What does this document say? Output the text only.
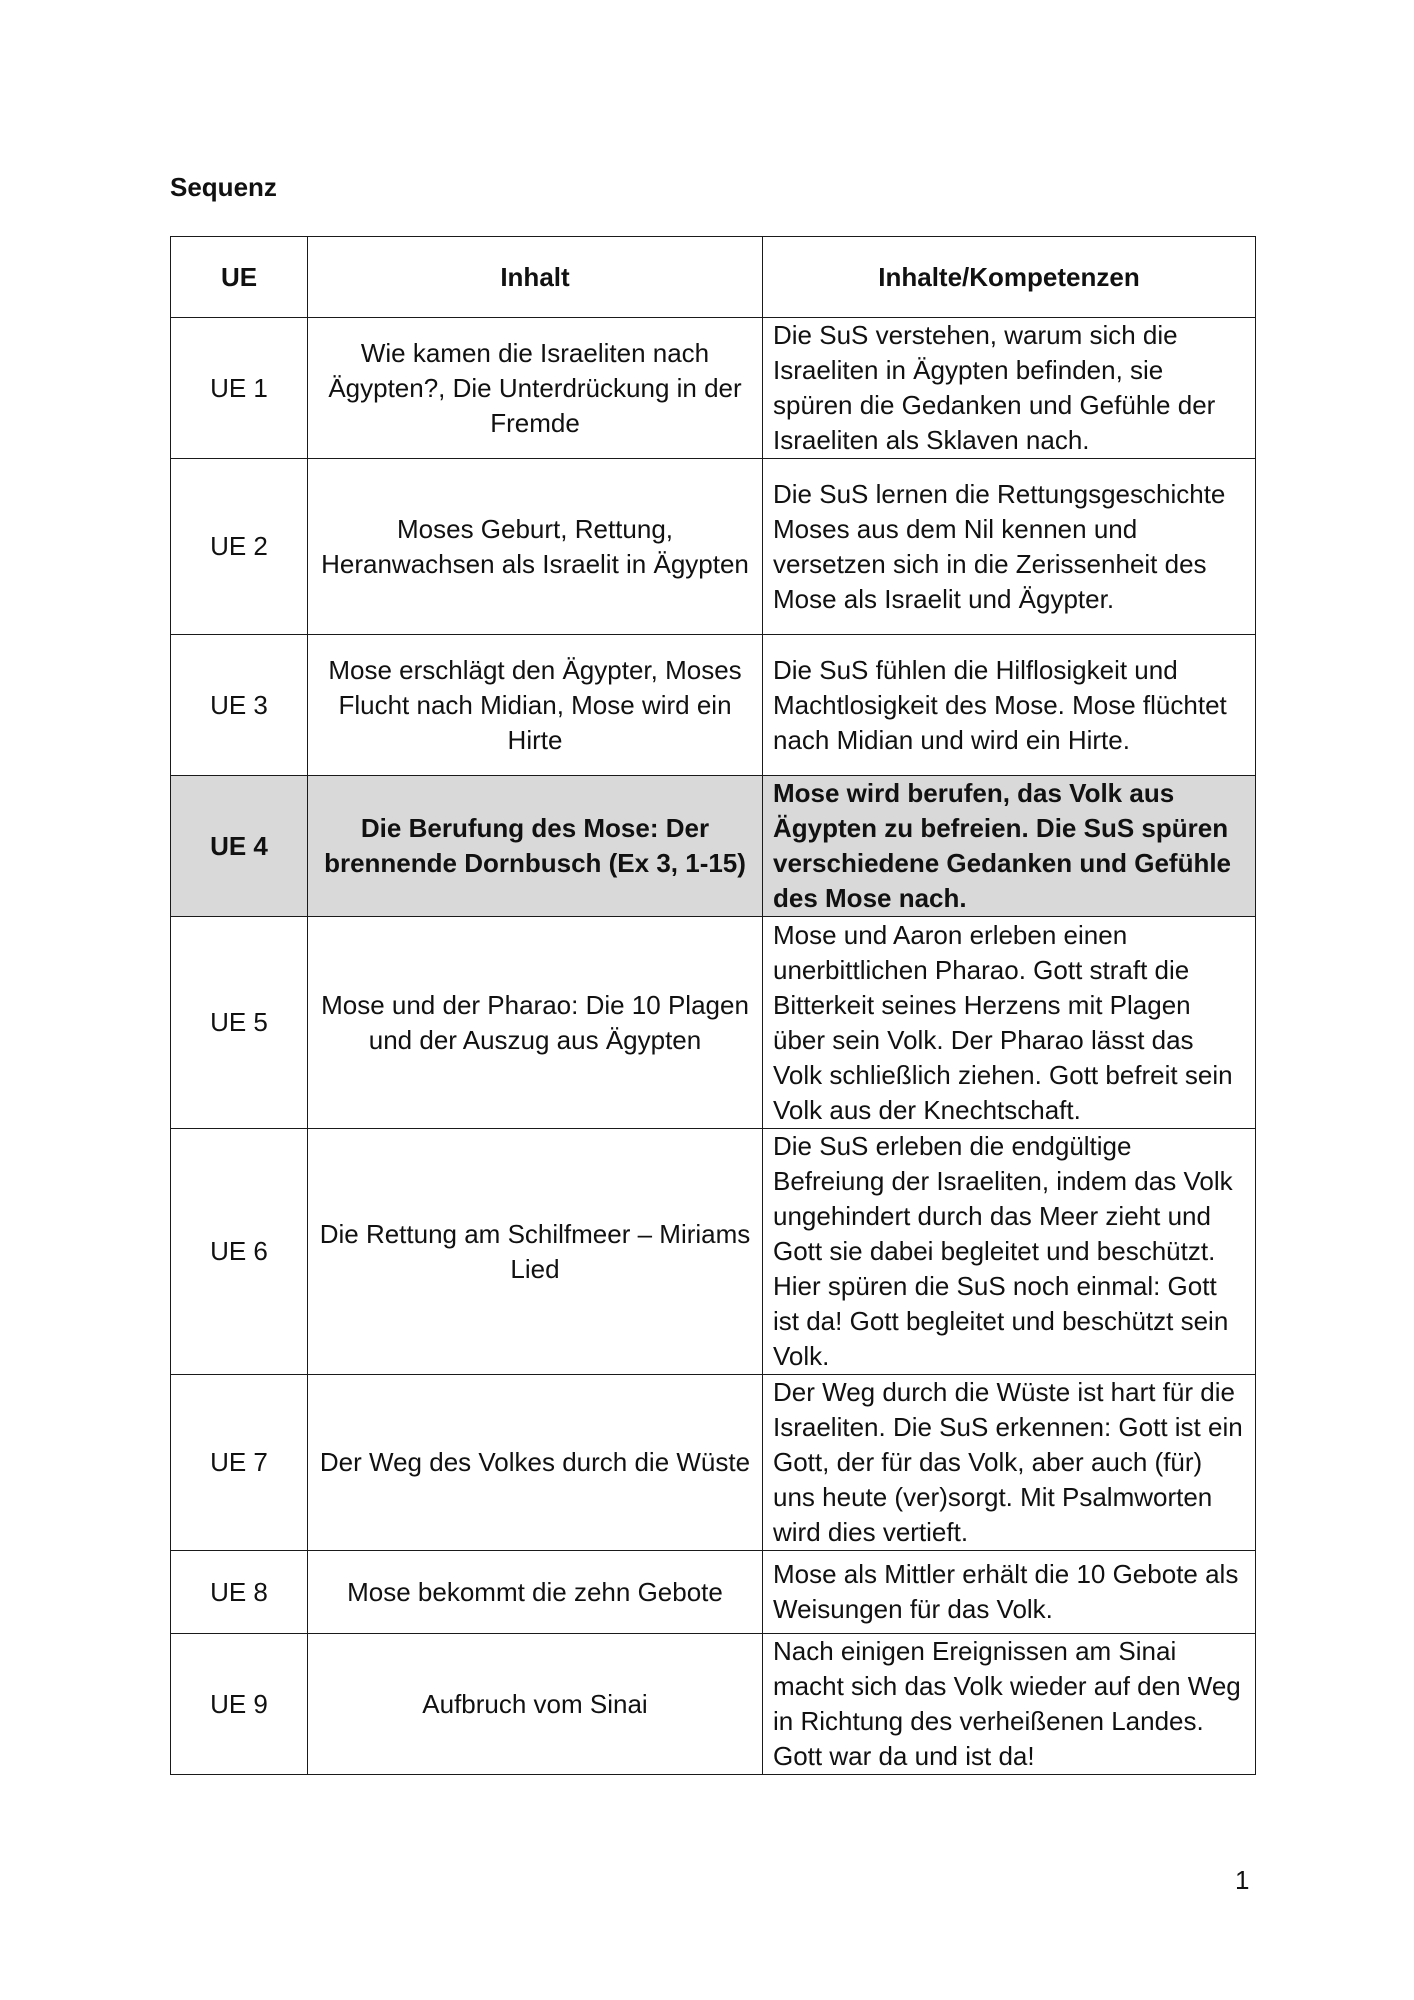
Sequenz
UE	Inhalt	Inhalte/Kompetenzen
UE 1	Wie kamen die Israeliten nach Ägypten?, Die Unterdrückung in der Fremde	Die SuS verstehen, warum sich die Israeliten in Ägypten befinden, sie spüren die Gedanken und Gefühle der Israeliten als Sklaven nach.
UE 2	Moses Geburt, Rettung, Heranwachsen als Israelit in Ägypten	Die SuS lernen die Rettungsgeschichte Moses aus dem Nil kennen und versetzen sich in die Zerissenheit des Mose als Israelit und Ägypter.
UE 3	Mose erschlägt den Ägypter, Moses Flucht nach Midian, Mose wird ein Hirte	Die SuS fühlen die Hilflosigkeit und Machtlosigkeit des Mose. Mose flüchtet nach Midian und wird ein Hirte.
UE 4	Die Berufung des Mose: Der brennende Dornbusch (Ex 3, 1-15)	Mose wird berufen, das Volk aus Ägypten zu befreien. Die SuS spüren verschiedene Gedanken und Gefühle des Mose nach.
UE 5	Mose und der Pharao: Die 10 Plagen und der Auszug aus Ägypten	Mose und Aaron erleben einen unerbittlichen Pharao. Gott straft die Bitterkeit seines Herzens mit Plagen über sein Volk. Der Pharao lässt das Volk schließlich ziehen. Gott befreit sein Volk aus der Knechtschaft.
UE 6	Die Rettung am Schilfmeer – Miriams Lied	Die SuS erleben die endgültige Befreiung der Israeliten, indem das Volk ungehindert durch das Meer zieht und Gott sie dabei begleitet und beschützt. Hier spüren die SuS noch einmal: Gott ist da! Gott begleitet und beschützt sein Volk.
UE 7	Der Weg des Volkes durch die Wüste	Der Weg durch die Wüste ist hart für die Israeliten. Die SuS erkennen: Gott ist ein Gott, der für das Volk, aber auch (für) uns heute (ver)sorgt. Mit Psalmworten wird dies vertieft.
UE 8	Mose bekommt die zehn Gebote	Mose als Mittler erhält die 10 Gebote als Weisungen für das Volk.
UE 9	Aufbruch vom Sinai	Nach einigen Ereignissen am Sinai macht sich das Volk wieder auf den Weg in Richtung des verheißenen Landes. Gott war da und ist da!
1
